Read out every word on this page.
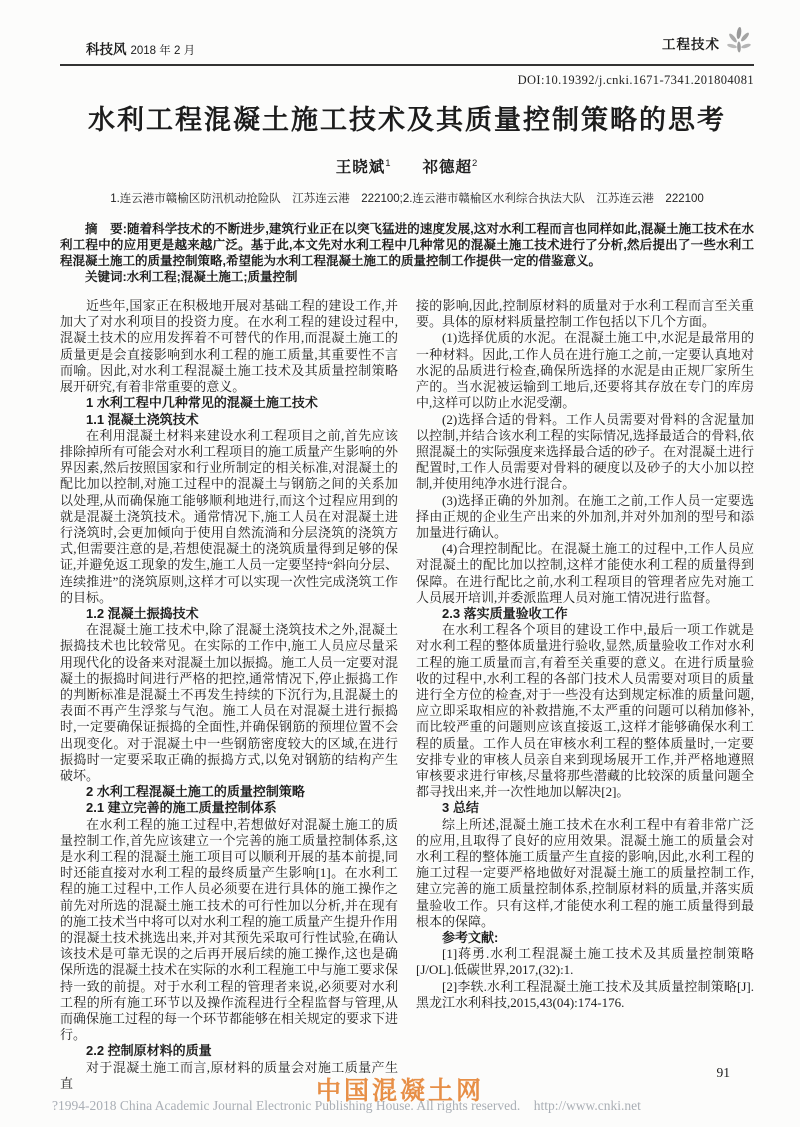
科技风 2018 年 2 月	工程技术
DOI:10.19392/j.cnki.1671-7341.201804081
水利工程混凝土施工技术及其质量控制策略的思考
王晓斌$^1$ 祁德超$^2$
1.连云港市赣榆区防汛机动抢险队　江苏连云港　222100;2.连云港市赣榆区水利综合执法大队　江苏连云港　222100

摘　要:随着科学技术的不断进步,建筑行业正在以突飞猛进的速度发展,这对水利工程而言也同样如此,混凝土施工技术在水利工程中的应用更是越来越广泛。基于此,本文先对水利工程中几种常见的混凝土施工技术进行了分析,然后提出了一些水利工程混凝土施工的质量控制策略,希望能为水利工程混凝土施工的质量控制工作提供一定的借鉴意义。

关键词:水利工程;混凝土施工;质量控制

近些年,国家正在积极地开展对基础工程的建设工作,并加大了对水利项目的投资力度。在水利工程的建设过程中,混凝土技术的应用发挥着不可替代的作用,而混凝土施工的质量更是会直接影响到水利工程的施工质量,其重要性不言而喻。因此,对水利工程混凝土施工技术及其质量控制策略展开研究,有着非常重要的意义。

1 水利工程中几种常见的混凝土施工技术

1.1 混凝土浇筑技术

在利用混凝土材料来建设水利工程项目之前,首先应该排除掉所有可能会对水利工程项目的施工质量产生影响的外界因素,然后按照国家和行业所制定的相关标准,对混凝土的配比加以控制,对施工过程中的混凝土与钢筋之间的关系加以处理,从而确保施工能够顺利地进行,而这个过程应用到的就是混凝土浇筑技术。通常情况下,施工人员在对混凝土进行浇筑时,会更加倾向于使用自然流淌和分层浇筑的浇筑方式,但需要注意的是,若想使混凝土的浇筑质量得到足够的保证,并避免返工现象的发生,施工人员一定要坚持“斜向分层、连续推进”的浇筑原则,这样才可以实现一次性完成浇筑工作的目标。

1.2 混凝土振捣技术

在混凝土施工技术中,除了混凝土浇筑技术之外,混凝土振捣技术也比较常见。在实际的工作中,施工人员应尽量采用现代化的设备来对混凝土加以振捣。施工人员一定要对混凝土的振捣时间进行严格的把控,通常情况下,停止振捣工作的判断标准是混凝土不再发生持续的下沉行为,且混凝土的表面不再产生浮浆与气泡。施工人员在对混凝土进行振捣时,一定要确保证振捣的全面性,并确保钢筋的预埋位置不会出现变化。对于混凝土中一些钢筋密度较大的区域,在进行振捣时一定要采取正确的振捣方式,以免对钢筋的结构产生破坏。

2 水利工程混凝土施工的质量控制策略

2.1 建立完善的施工质量控制体系

在水利工程的施工过程中,若想做好对混凝土施工的质量控制工作,首先应该建立一个完善的施工质量控制体系,这是水利工程的混凝土施工项目可以顺利开展的基本前提,同时还能直接对水利工程的最终质量产生影响[1]。在水利工程的施工过程中,工作人员必须要在进行具体的施工操作之前先对所选的混凝土施工技术的可行性加以分析,并在现有的施工技术当中将可以对水利工程的施工质量产生提升作用的混凝土技术挑选出来,并对其预先采取可行性试验,在确认该技术是可靠无误的之后再开展后续的施工操作,这也是确保所选的混凝土技术在实际的水利工程施工中与施工要求保持一致的前提。对于水利工程的管理者来说,必须要对水利工程的所有施工环节以及操作流程进行全程监督与管理,从而确保施工过程的每一个环节都能够在相关规定的要求下进行。

2.2 控制原材料的质量

对于混凝土施工而言,原材料的质量会对施工质量产生直

接的影响,因此,控制原材料的质量对于水利工程而言至关重要。具体的原材料质量控制工作包括以下几个方面。

(1)选择优质的水泥。在混凝土施工中,水泥是最常用的一种材料。因此,工作人员在进行施工之前,一定要认真地对水泥的品质进行检查,确保所选择的水泥是由正规厂家所生产的。当水泥被运输到工地后,还要将其存放在专门的库房中,这样可以防止水泥受潮。

(2)选择合适的骨料。工作人员需要对骨料的含泥量加以控制,并结合该水利工程的实际情况,选择最适合的骨料,依照混凝土的实际强度来选择最合适的砂子。在对混凝土进行配置时,工作人员需要对骨料的硬度以及砂子的大小加以控制,并使用纯净水进行混合。

(3)选择正确的外加剂。在施工之前,工作人员一定要选择由正规的企业生产出来的外加剂,并对外加剂的型号和添加量进行确认。

(4)合理控制配比。在混凝土施工的过程中,工作人员应对混凝土的配比加以控制,这样才能使水利工程的质量得到保障。在进行配比之前,水利工程项目的管理者应先对施工人员展开培训,并委派监理人员对施工情况进行监督。

2.3 落实质量验收工作

在水利工程各个项目的建设工作中,最后一项工作就是对水利工程的整体质量进行验收,显然,质量验收工作对水利工程的施工质量而言,有着至关重要的意义。在进行质量验收的过程中,水利工程的各部门技术人员需要对项目的质量进行全方位的检查,对于一些没有达到规定标准的质量问题,应立即采取相应的补救措施,不太严重的问题可以稍加修补,而比较严重的问题则应该直接返工,这样才能够确保水利工程的质量。工作人员在审核水利工程的整体质量时,一定要安排专业的审核人员亲自来到现场展开工作,并严格地遵照审核要求进行审核,尽量将那些潜藏的比较深的质量问题全都寻找出来,并一次性地加以解决[2]。

3 总结

综上所述,混凝土施工技术在水利工程中有着非常广泛的应用,且取得了良好的应用效果。混凝土施工的质量会对水利工程的整体施工质量产生直接的影响,因此,水利工程的施工过程一定要严格地做好对混凝土施工的质量控制工作,建立完善的施工质量控制体系,控制原材料的质量,并落实质量验收工作。只有这样,才能使水利工程的施工质量得到最根本的保障。

参考文献:

[1]蒋勇.水利工程混凝土施工技术及其质量控制策略[J/OL].低碳世界,2017,(32):1.

[2]李轶.水利工程混凝土施工技术及其质量控制策略[J].黑龙江水利科技,2015,43(04):174-176.

91
中国混凝土网
?1994-2018 China Academic Journal Electronic Publishing House. All rights reserved.    http://www.cnki.net
